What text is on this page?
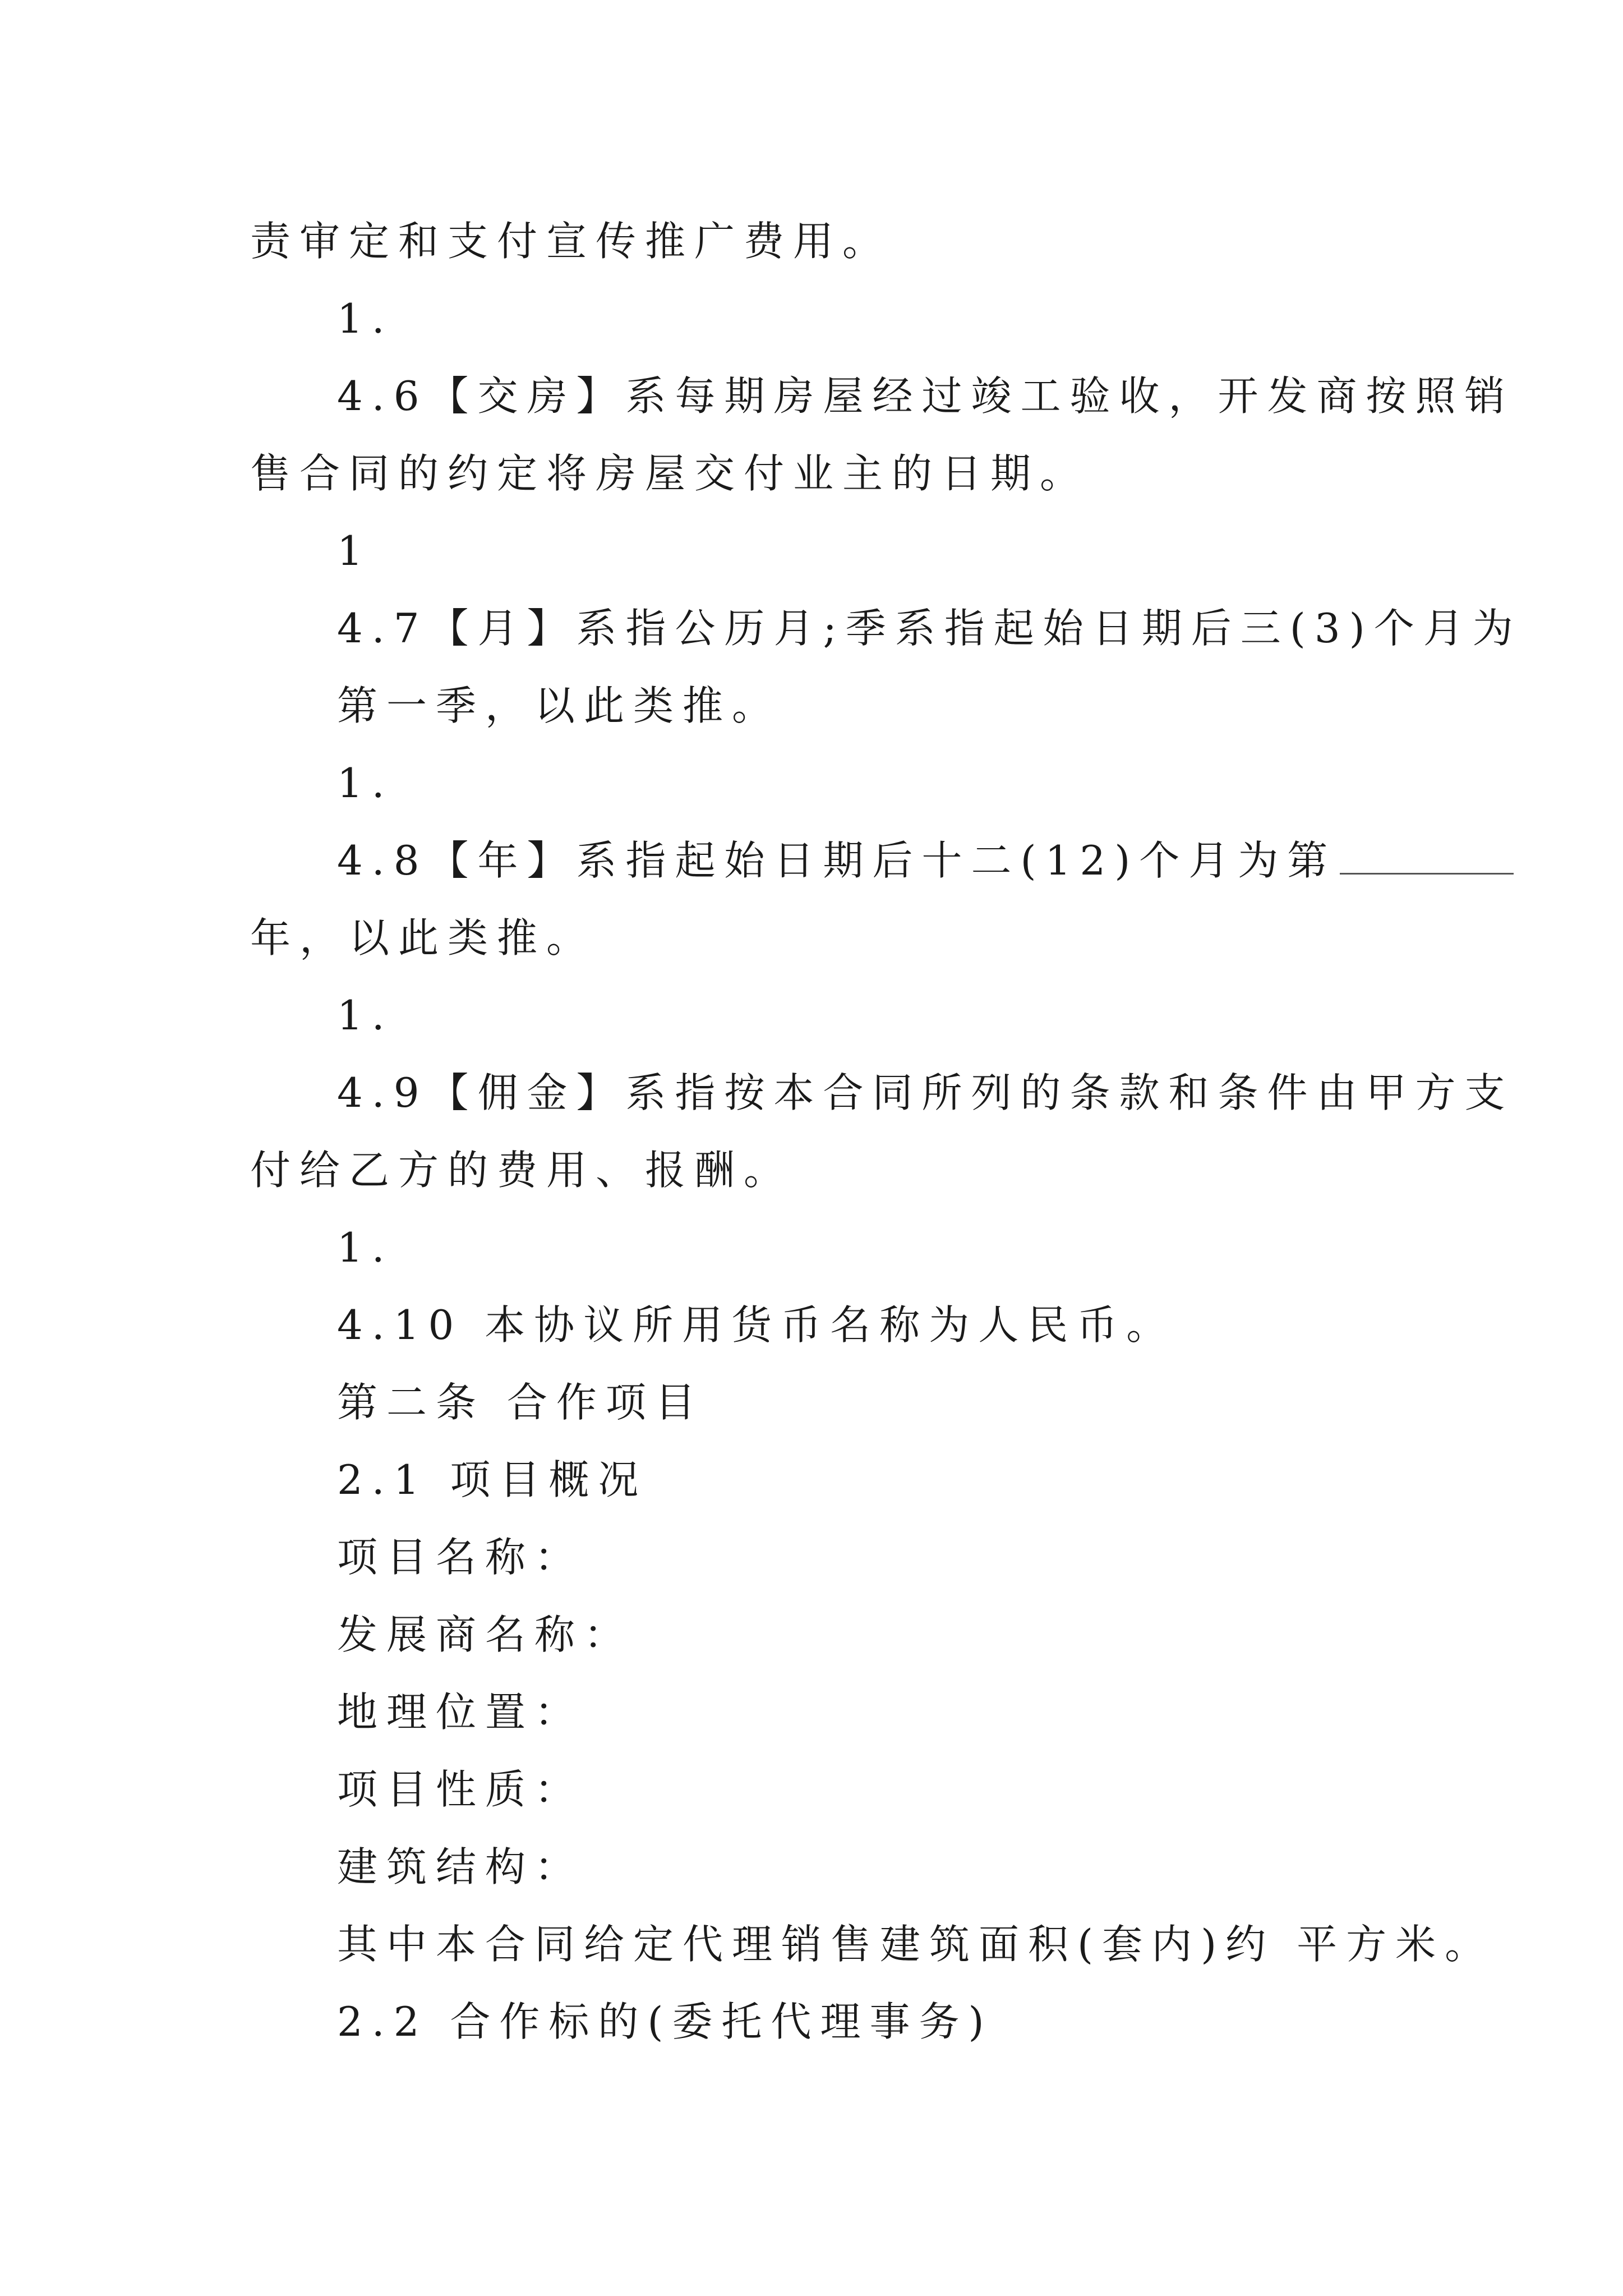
责审定和支付宣传推广费用。
1.
4.6【交房】系每期房屋经过竣工验收，开发商按照销
售合同的约定将房屋交付业主的日期。
1
4.7【月】系指公历月;季系指起始日期后三(3)个月为
第一季，以此类推。
1.
4.8【年】系指起始日期后十二(12)个月为第
年，以此类推。
1.
4.9【佣金】系指按本合同所列的条款和条件由甲方支
付给乙方的费用、报酬。
1.
4.10 本协议所用货币名称为人民币。
第二条 合作项目
2.1 项目概况
项目名称：
发展商名称：
地理位置：
项目性质：
建筑结构：
其中本合同给定代理销售建筑面积(套内)约 平方米。
2.2 合作标的(委托代理事务)
